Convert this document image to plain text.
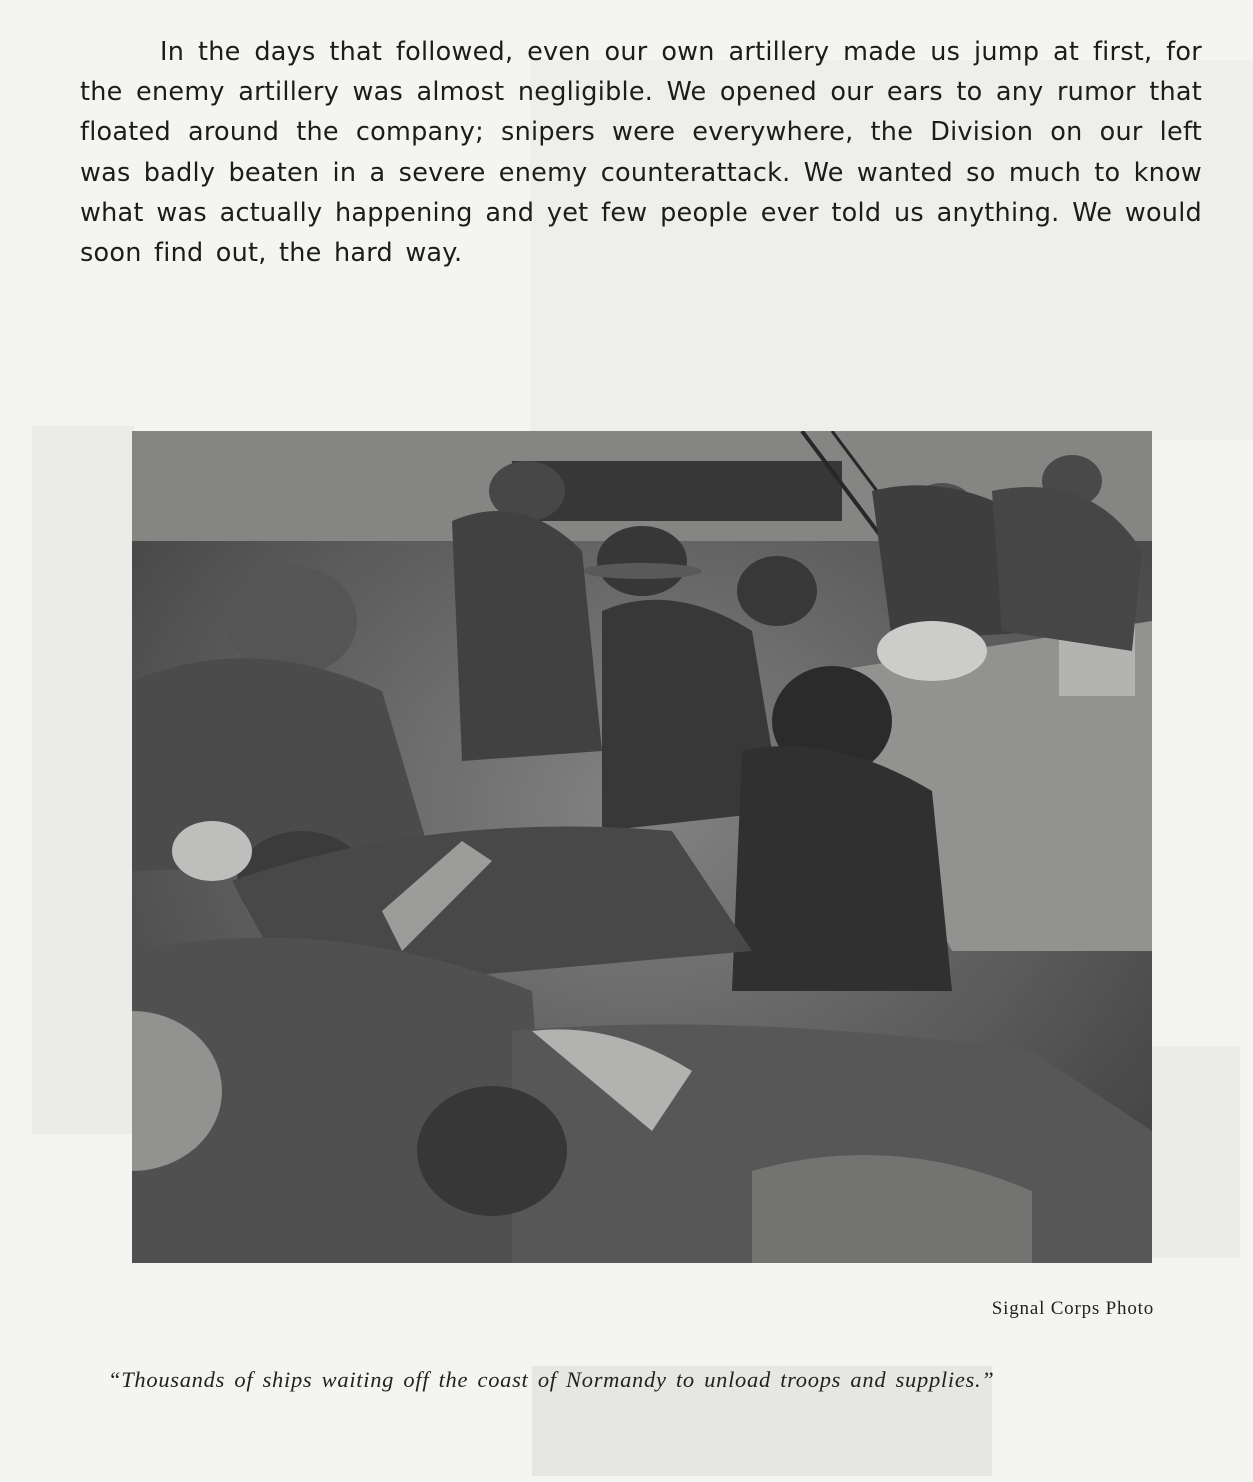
In the days that followed, even our own artillery made us jump at first, for the enemy artillery was almost negligible. We opened our ears to any rumor that floated around the company; snipers were everywhere, the Division on our left was badly beaten in a severe enemy counterattack. We wanted so much to know what was actually happening and yet few people ever told us anything. We would soon find out, the hard way.

Signal Corps Photo
“Thousands of ships waiting off the coast of Normandy to unload troops and supplies.”
